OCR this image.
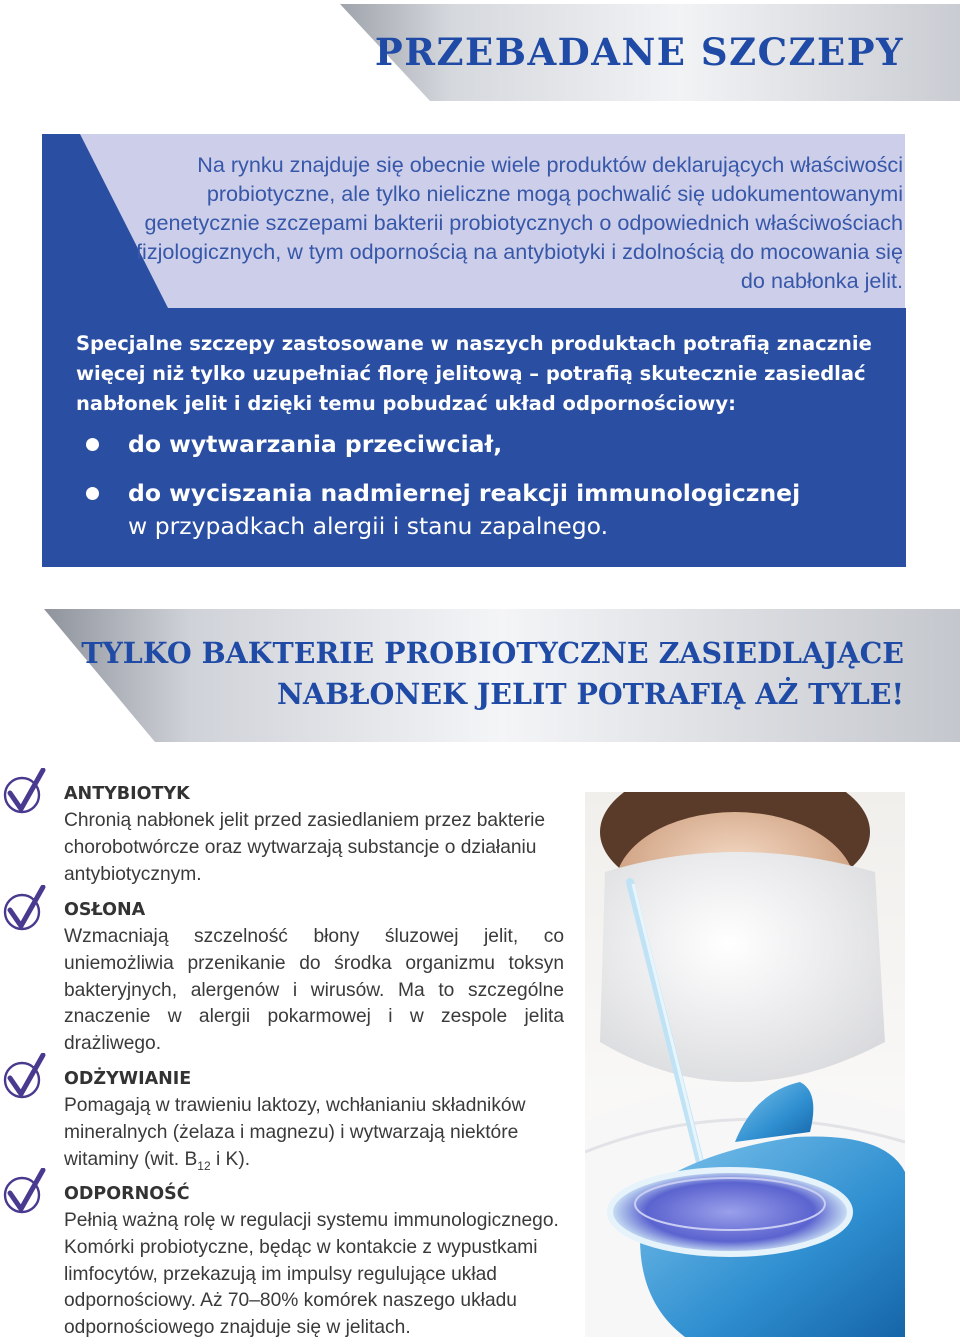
PRZEBADANE SZCZEPY

Na rynku znajduje się obecnie wiele produktów deklarujących właściwości probiotyczne, ale tylko nieliczne mogą pochwalić się udokumentowanymi genetycznie szczepami bakterii probiotycznych o odpowiednich właściwościach fizjologicznych, w tym odpornością na antybiotyki i zdolnością do mocowania się do nabłonka jelit.

Specjalne szczepy zastosowane w naszych produktach potrafią znacznie więcej niż tylko uzupełniać florę jelitową – potrafią skutecznie zasiedlać nabłonek jelit i dzięki temu pobudzać układ odpornościowy:

do wytwarzania przeciwciał,

do wyciszania nadmiernej reakcji immunologicznej
w przypadkach alergii i stanu zapalnego.

TYLKO BAKTERIE PROBIOTYCZNE ZASIEDLAJĄCE
NABŁONEK JELIT POTRAFIĄ AŻ TYLE!
ANTYBIOTYK

Chronią nabłonek jelit przed zasiedlaniem przez bakterie chorobotwórcze oraz wytwarzają substancje o działaniu antybiotycznym.

OSŁONA

Wzmacniają szczelność błony śluzowej jelit, co uniemożliwia przenikanie do środka organizmu toksyn bakteryjnych, alergenów i wirusów. Ma to szczególne znaczenie w alergii pokarmowej i w zespole jelita drażliwego.

ODŻYWIANIE

Pomagają w trawieniu laktozy, wchłanianiu składników mineralnych (żelaza i magnezu) i wytwarzają niektóre witaminy (wit. $B_{12}$ i K).

ODPORNOŚĆ

Pełnią ważną rolę w regulacji systemu immunologicznego. Komórki probiotyczne, będąc w kontakcie z wypustkami limfocytów, przekazują im impulsy regulujące układ odpornościowy. Aż 70–80% komórek naszego układu odpornościowego znajduje się w jelitach.
